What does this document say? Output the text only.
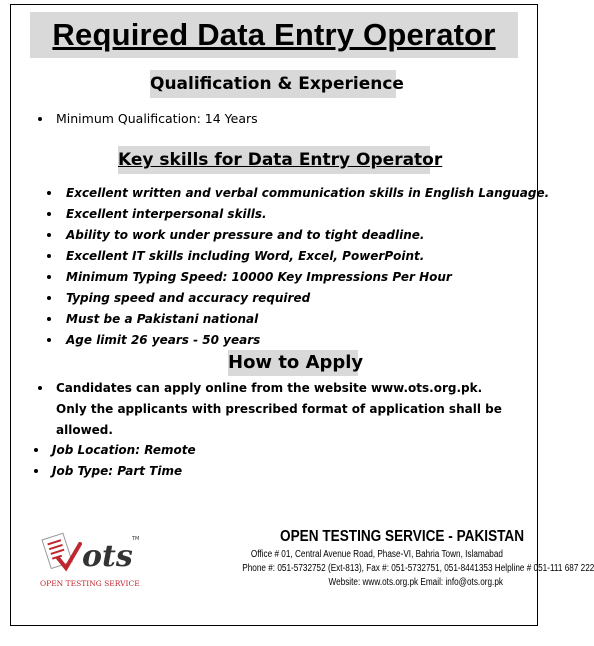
Required Data Entry Operator
Qualification & Experience
Minimum Qualification: 14 Years
Key skills for Data Entry Operator
Excellent written and verbal communication skills in English Language.
Excellent interpersonal skills.
Ability to work under pressure and to tight deadline.
Excellent IT skills including Word, Excel, PowerPoint.
Minimum Typing Speed: 10000 Key Impressions Per Hour
Typing speed and accuracy required
Must be a Pakistani national
Age limit 26 years - 50 years
How to Apply
Candidates can apply online from the website www.ots.org.pk. Only the applicants with prescribed format of application shall be allowed.
Job Location: Remote
Job Type: Part Time
ots TM
OPEN TESTING SERVICE
OPEN TESTING SERVICE - PAKISTAN
Office # 01, Central Avenue Road, Phase-VI, Bahria Town, Islamabad
Phone #: 051-5732752 (Ext-813), Fax #: 051-5732751, 051-8441353 Helpline # 051-111 687 222
Website: www.ots.org.pk Email: info@ots.org.pk
